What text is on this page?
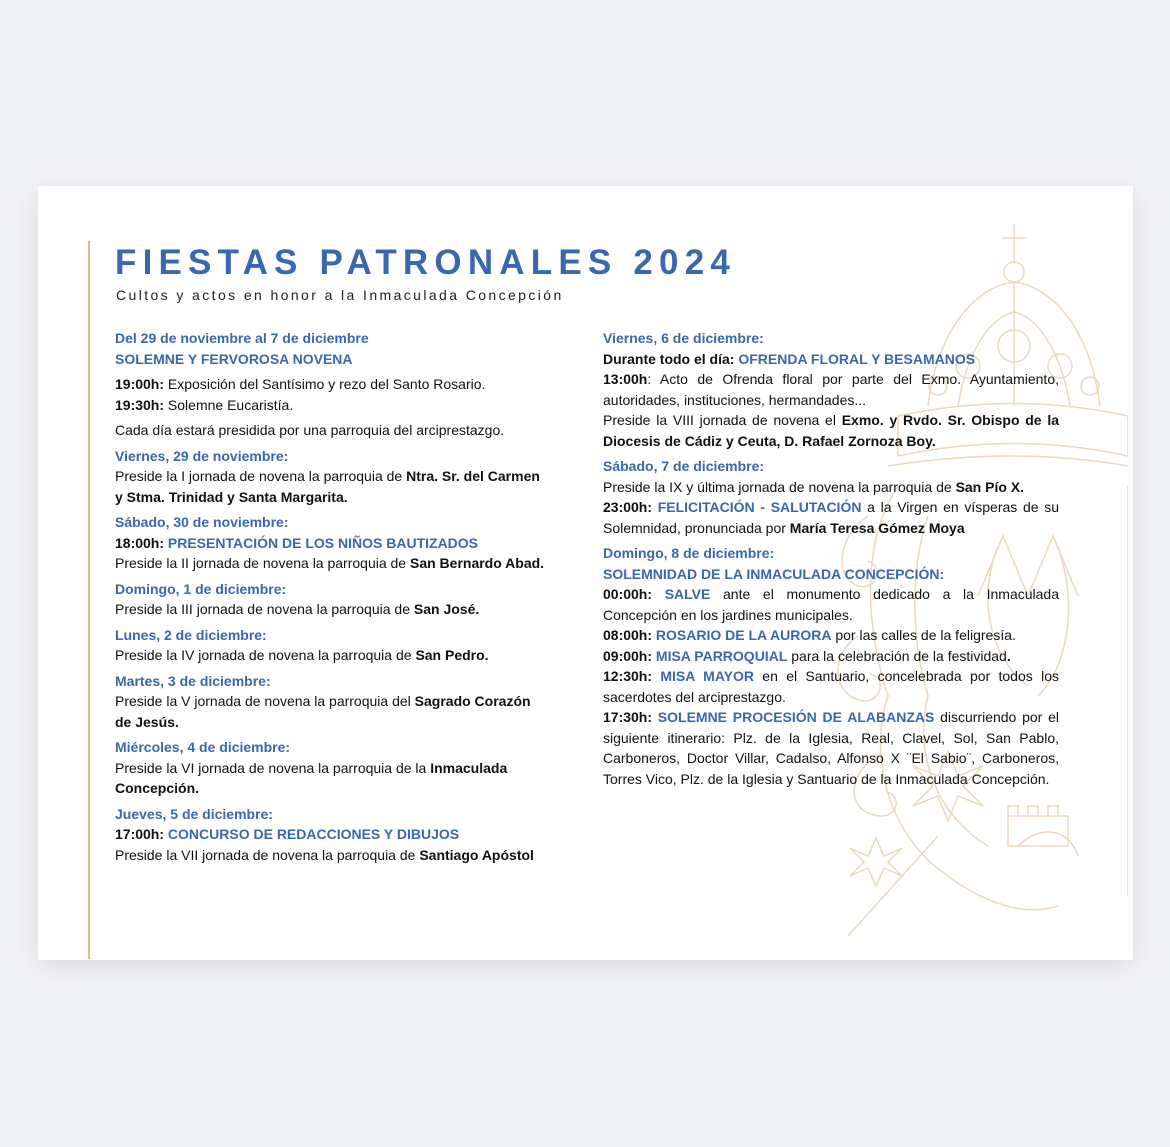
FIESTAS PATRONALES 2024
Cultos y actos en honor a la Inmaculada Concepción

Del 29 de noviembre al 7 de diciembre

SOLEMNE Y FERVOROSA NOVENA

19:00h: Exposición del Santísimo y rezo del Santo Rosario.

19:30h: Solemne Eucaristía.

Cada día estará presidida por una parroquia del arciprestazgo.

Viernes, 29 de noviembre:

Preside la I jornada de novena la parroquia de Ntra. Sr. del Carmen y Stma. Trinidad y Santa Margarita.

Sábado, 30 de noviembre:

18:00h: PRESENTACIÓN DE LOS NIÑOS BAUTIZADOS

Preside la II jornada de novena la parroquia de San Bernardo Abad.

Domingo, 1 de diciembre:

Preside la III jornada de novena la parroquia de San José.

Lunes, 2 de diciembre:

Preside la IV jornada de novena la parroquia de San Pedro.

Martes, 3 de diciembre:

Preside la V jornada de novena la parroquia del Sagrado Corazón de Jesús.

Miércoles, 4 de diciembre:

Preside la VI jornada de novena la parroquia de la Inmaculada Concepción.

Jueves, 5 de diciembre:

17:00h: CONCURSO DE REDACCIONES Y DIBUJOS

Preside la VII jornada de novena la parroquia de Santiago Apóstol

Viernes, 6 de diciembre:

Durante todo el día: OFRENDA FLORAL Y BESAMANOS

13:00h: Acto de Ofrenda floral por parte del Exmo. Ayuntamiento, autoridades, instituciones, hermandades...

Preside la VIII jornada de novena el Exmo. y Rvdo. Sr. Obispo de la Diocesis de Cádiz y Ceuta, D. Rafael Zornoza Boy.

Sábado, 7 de diciembre:

Preside la IX y última jornada de novena la parroquia de San Pío X.

23:00h: FELICITACIÓN - SALUTACIÓN a la Virgen en vísperas de su Solemnidad, pronunciada por María Teresa Gómez Moya

Domingo, 8 de diciembre:

SOLEMNIDAD DE LA INMACULADA CONCEPCIÓN:

00:00h: SALVE ante el monumento dedicado a la Inmaculada Concepción en los jardines municipales.

08:00h: ROSARIO DE LA AURORA por las calles de la feligresía.

09:00h: MISA PARROQUIAL para la celebración de la festividad.

12:30h: MISA MAYOR en el Santuario, concelebrada por todos los sacerdotes del arciprestazgo.

17:30h: SOLEMNE PROCESIÓN DE ALABANZAS discurriendo por el siguiente itinerario: Plz. de la Iglesia, Real, Clavel, Sol, San Pablo, Carboneros, Doctor Villar, Cadalso, Alfonso X ¨El Sabio¨, Carboneros, Torres Vico, Plz. de la Iglesia y Santuario de la Inmaculada Concepción.
